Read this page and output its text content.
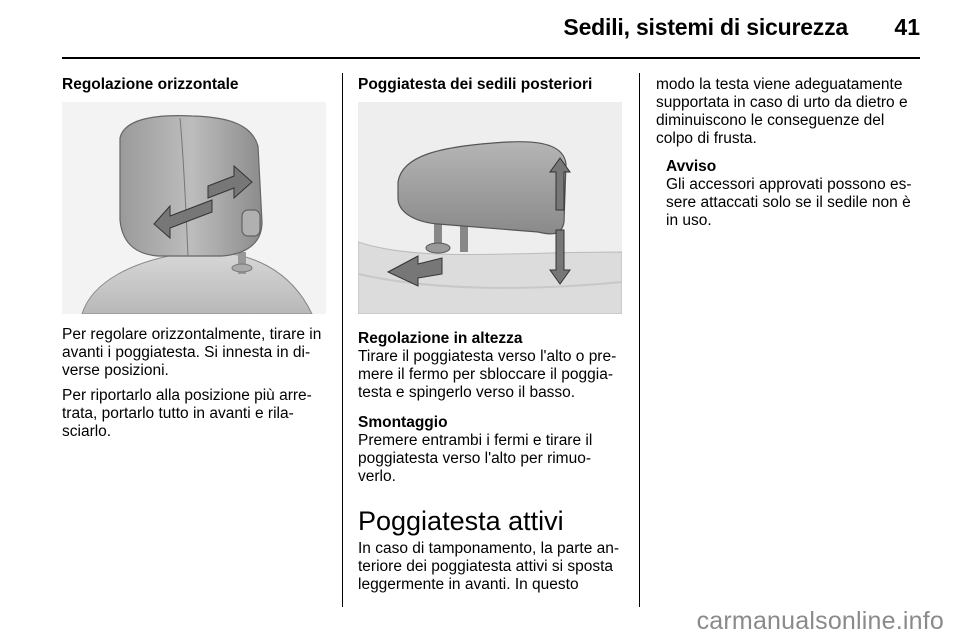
Sedili, sistemi di sicurezza 41
Regolazione orizzontale

Per regolare orizzontalmente, tirare in avanti i poggiatesta. Si innesta in di- verse posizioni.

Per riportarlo alla posizione più arre- trata, portarlo tutto in avanti e rila- sciarlo.

Poggiatesta dei sedili posteriori

Regolazione in altezza

Tirare il poggiatesta verso l'alto o pre- mere il fermo per sbloccare il poggia- testa e spingerlo verso il basso.

Smontaggio

Premere entrambi i fermi e tirare il poggiatesta verso l'alto per rimuo- verlo.

Poggiatesta attivi

In caso di tamponamento, la parte an- teriore dei poggiatesta attivi si sposta leggermente in avanti. In questo

modo la testa viene adeguatamente supportata in caso di urto da dietro e diminuiscono le conseguenze del colpo di frusta.

Avviso

Gli accessori approvati possono es- sere attaccati solo se il sedile non è in uso.

carmanualsonline.info
